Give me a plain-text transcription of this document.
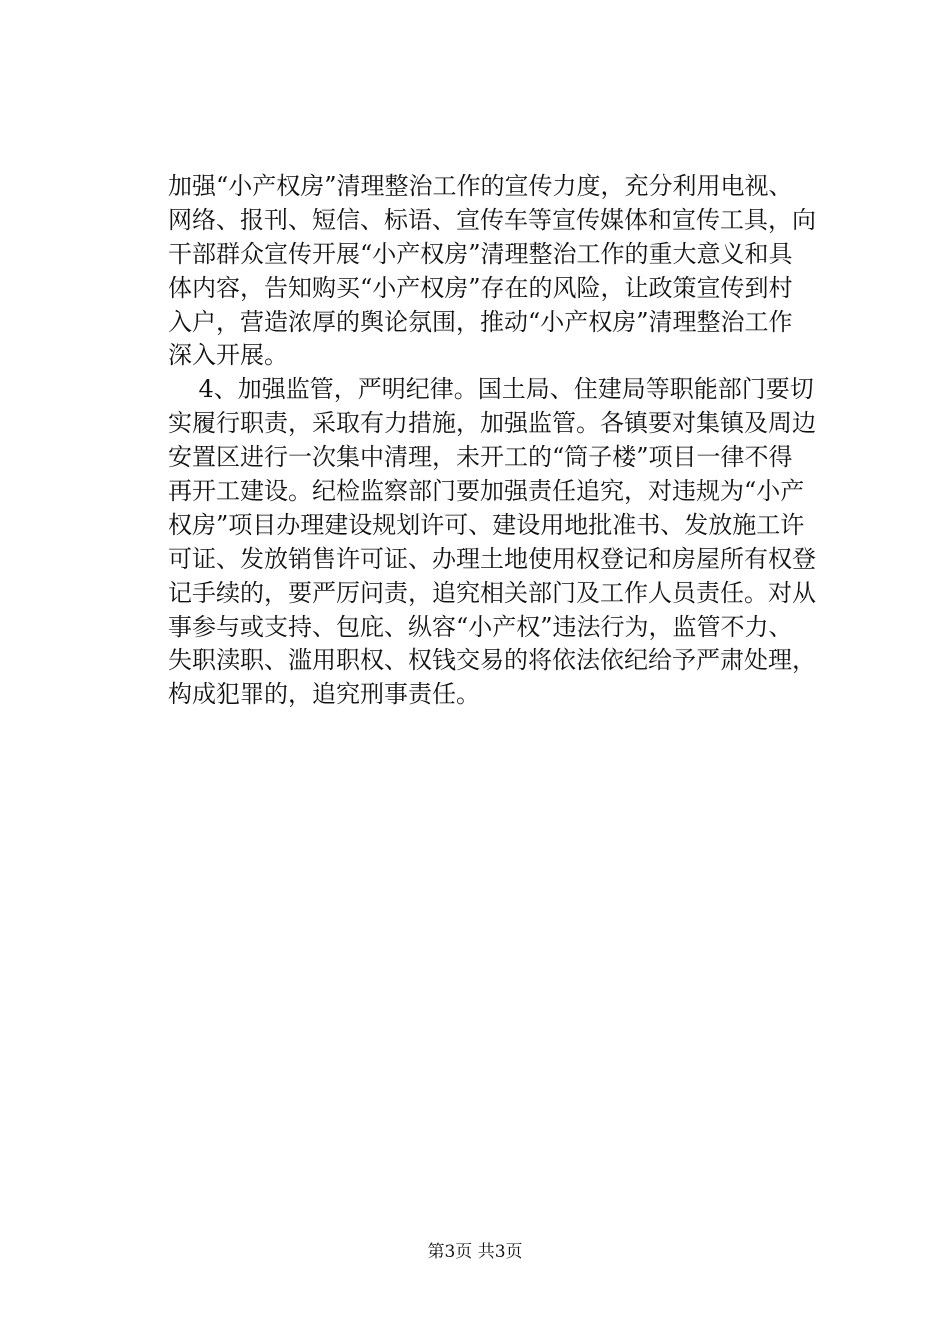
加强“小产权房”清理整治工作的宣传力度，充分利用电视、
网络、报刊、短信、标语、宣传车等宣传媒体和宣传工具，向
干部群众宣传开展“小产权房”清理整治工作的重大意义和具
体内容，告知购买“小产权房”存在的风险，让政策宣传到村
入户，营造浓厚的舆论氛围，推动“小产权房”清理整治工作
深入开展。
4、加强监管，严明纪律。国土局、住建局等职能部门要切
实履行职责，采取有力措施，加强监管。各镇要对集镇及周边
安置区进行一次集中清理，未开工的“筒子楼”项目一律不得
再开工建设。纪检监察部门要加强责任追究，对违规为“小产
权房”项目办理建设规划许可、建设用地批准书、发放施工许
可证、发放销售许可证、办理土地使用权登记和房屋所有权登
记手续的，要严厉问责，追究相关部门及工作人员责任。对从
事参与或支持、包庇、纵容“小产权”违法行为，监管不力、
失职渎职、滥用职权、权钱交易的将依法依纪给予严肃处理，
构成犯罪的，追究刑事责任。
第3页 共3页
